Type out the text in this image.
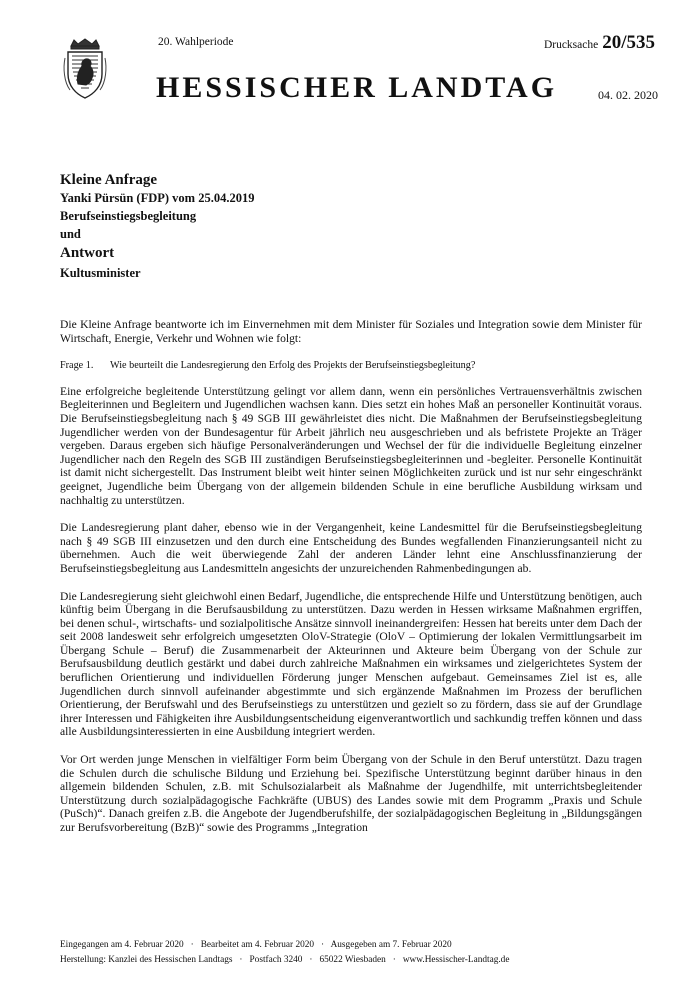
20. Wahlperiode	Drucksache 20/535
HESSISCHER LANDTAG	04. 02. 2020
Kleine Anfrage
Yanki Pürsün (FDP) vom 25.04.2019
Berufseinstiegsbegleitung
und
Antwort
Kultusminister

Die Kleine Anfrage beantworte ich im Einvernehmen mit dem Minister für Soziales und Integration sowie dem Minister für Wirtschaft, Energie, Verkehr und Wohnen wie folgt:

Frage 1. Wie beurteilt die Landesregierung den Erfolg des Projekts der Berufseinstiegsbegleitung?

Eine erfolgreiche begleitende Unterstützung gelingt vor allem dann, wenn ein persönliches Vertrauensverhältnis zwischen Begleiterinnen und Begleitern und Jugendlichen wachsen kann. Dies setzt ein hohes Maß an personeller Kontinuität voraus. Die Berufseinstiegsbegleitung nach § 49 SGB III gewährleistet dies nicht. Die Maßnahmen der Berufseinstiegsbegleitung Jugendlicher werden von der Bundesagentur für Arbeit jährlich neu ausgeschrieben und als befristete Projekte an Träger vergeben. Daraus ergeben sich häufige Personalveränderungen und Wechsel der für die individuelle Begleitung einzelner Jugendlicher nach den Regeln des SGB III zuständigen Berufseinstiegsbegleiterinnen und -begleiter. Personelle Kontinuität ist damit nicht sichergestellt. Das Instrument bleibt weit hinter seinen Möglichkeiten zurück und ist nur sehr eingeschränkt geeignet, Jugendliche beim Übergang von der allgemein bildenden Schule in eine berufliche Ausbildung wirksam und nachhaltig zu unterstützen.

Die Landesregierung plant daher, ebenso wie in der Vergangenheit, keine Landesmittel für die Berufseinstiegsbegleitung nach § 49 SGB III einzusetzen und den durch eine Entscheidung des Bundes wegfallenden Finanzierungsanteil nicht zu übernehmen. Auch die weit überwiegende Zahl der anderen Länder lehnt eine Anschlussfinanzierung der Berufseinstiegsbegleitung aus Landesmitteln angesichts der unzureichenden Rahmenbedingungen ab.

Die Landesregierung sieht gleichwohl einen Bedarf, Jugendliche, die entsprechende Hilfe und Unterstützung benötigen, auch künftig beim Übergang in die Berufsausbildung zu unterstützen. Dazu werden in Hessen wirksame Maßnahmen ergriffen, bei denen schul-, wirtschafts- und sozialpolitische Ansätze sinnvoll ineinandergreifen: Hessen hat bereits unter dem Dach der seit 2008 landesweit sehr erfolgreich umgesetzten OloV-Strategie (OloV – Optimierung der lokalen Vermittlungsarbeit im Übergang Schule – Beruf) die Zusammenarbeit der Akteurinnen und Akteure beim Übergang von der Schule zur Berufsausbildung deutlich gestärkt und dabei durch zahlreiche Maßnahmen ein wirksames und zielgerichtetes System der beruflichen Orientierung und individuellen Förderung junger Menschen aufgebaut. Gemeinsames Ziel ist es, alle Jugendlichen durch sinnvoll aufeinander abgestimmte und sich ergänzende Maßnahmen im Prozess der beruflichen Orientierung, der Berufswahl und des Berufseinstiegs zu unterstützen und gezielt so zu fördern, dass sie auf der Grundlage ihrer Interessen und Fähigkeiten ihre Ausbildungsentscheidung eigenverantwortlich und sachkundig treffen können und dass alle Ausbildungsinteressierten in eine Ausbildung integriert werden.

Vor Ort werden junge Menschen in vielfältiger Form beim Übergang von der Schule in den Beruf unterstützt. Dazu tragen die Schulen durch die schulische Bildung und Erziehung bei. Spezifische Unterstützung beginnt darüber hinaus in den allgemein bildenden Schulen, z.B. mit Schulsozialarbeit als Maßnahme der Jugendhilfe, mit unterrichtsbegleitender Unterstützung durch sozialpädagogische Fachkräfte (UBUS) des Landes sowie mit dem Programm „Praxis und Schule (PuSch)“. Danach greifen z.B. die Angebote der Jugendberufshilfe, der sozialpädagogischen Begleitung in „Bildungsgängen zur Berufsvorbereitung (BzB)“ sowie des Programms „Integration

Eingegangen am 4. Februar 2020   ·   Bearbeitet am 4. Februar 2020   ·   Ausgegeben am 7. Februar 2020
Herstellung: Kanzlei des Hessischen Landtags   ·   Postfach 3240   ·   65022 Wiesbaden   ·   www.Hessischer-Landtag.de
